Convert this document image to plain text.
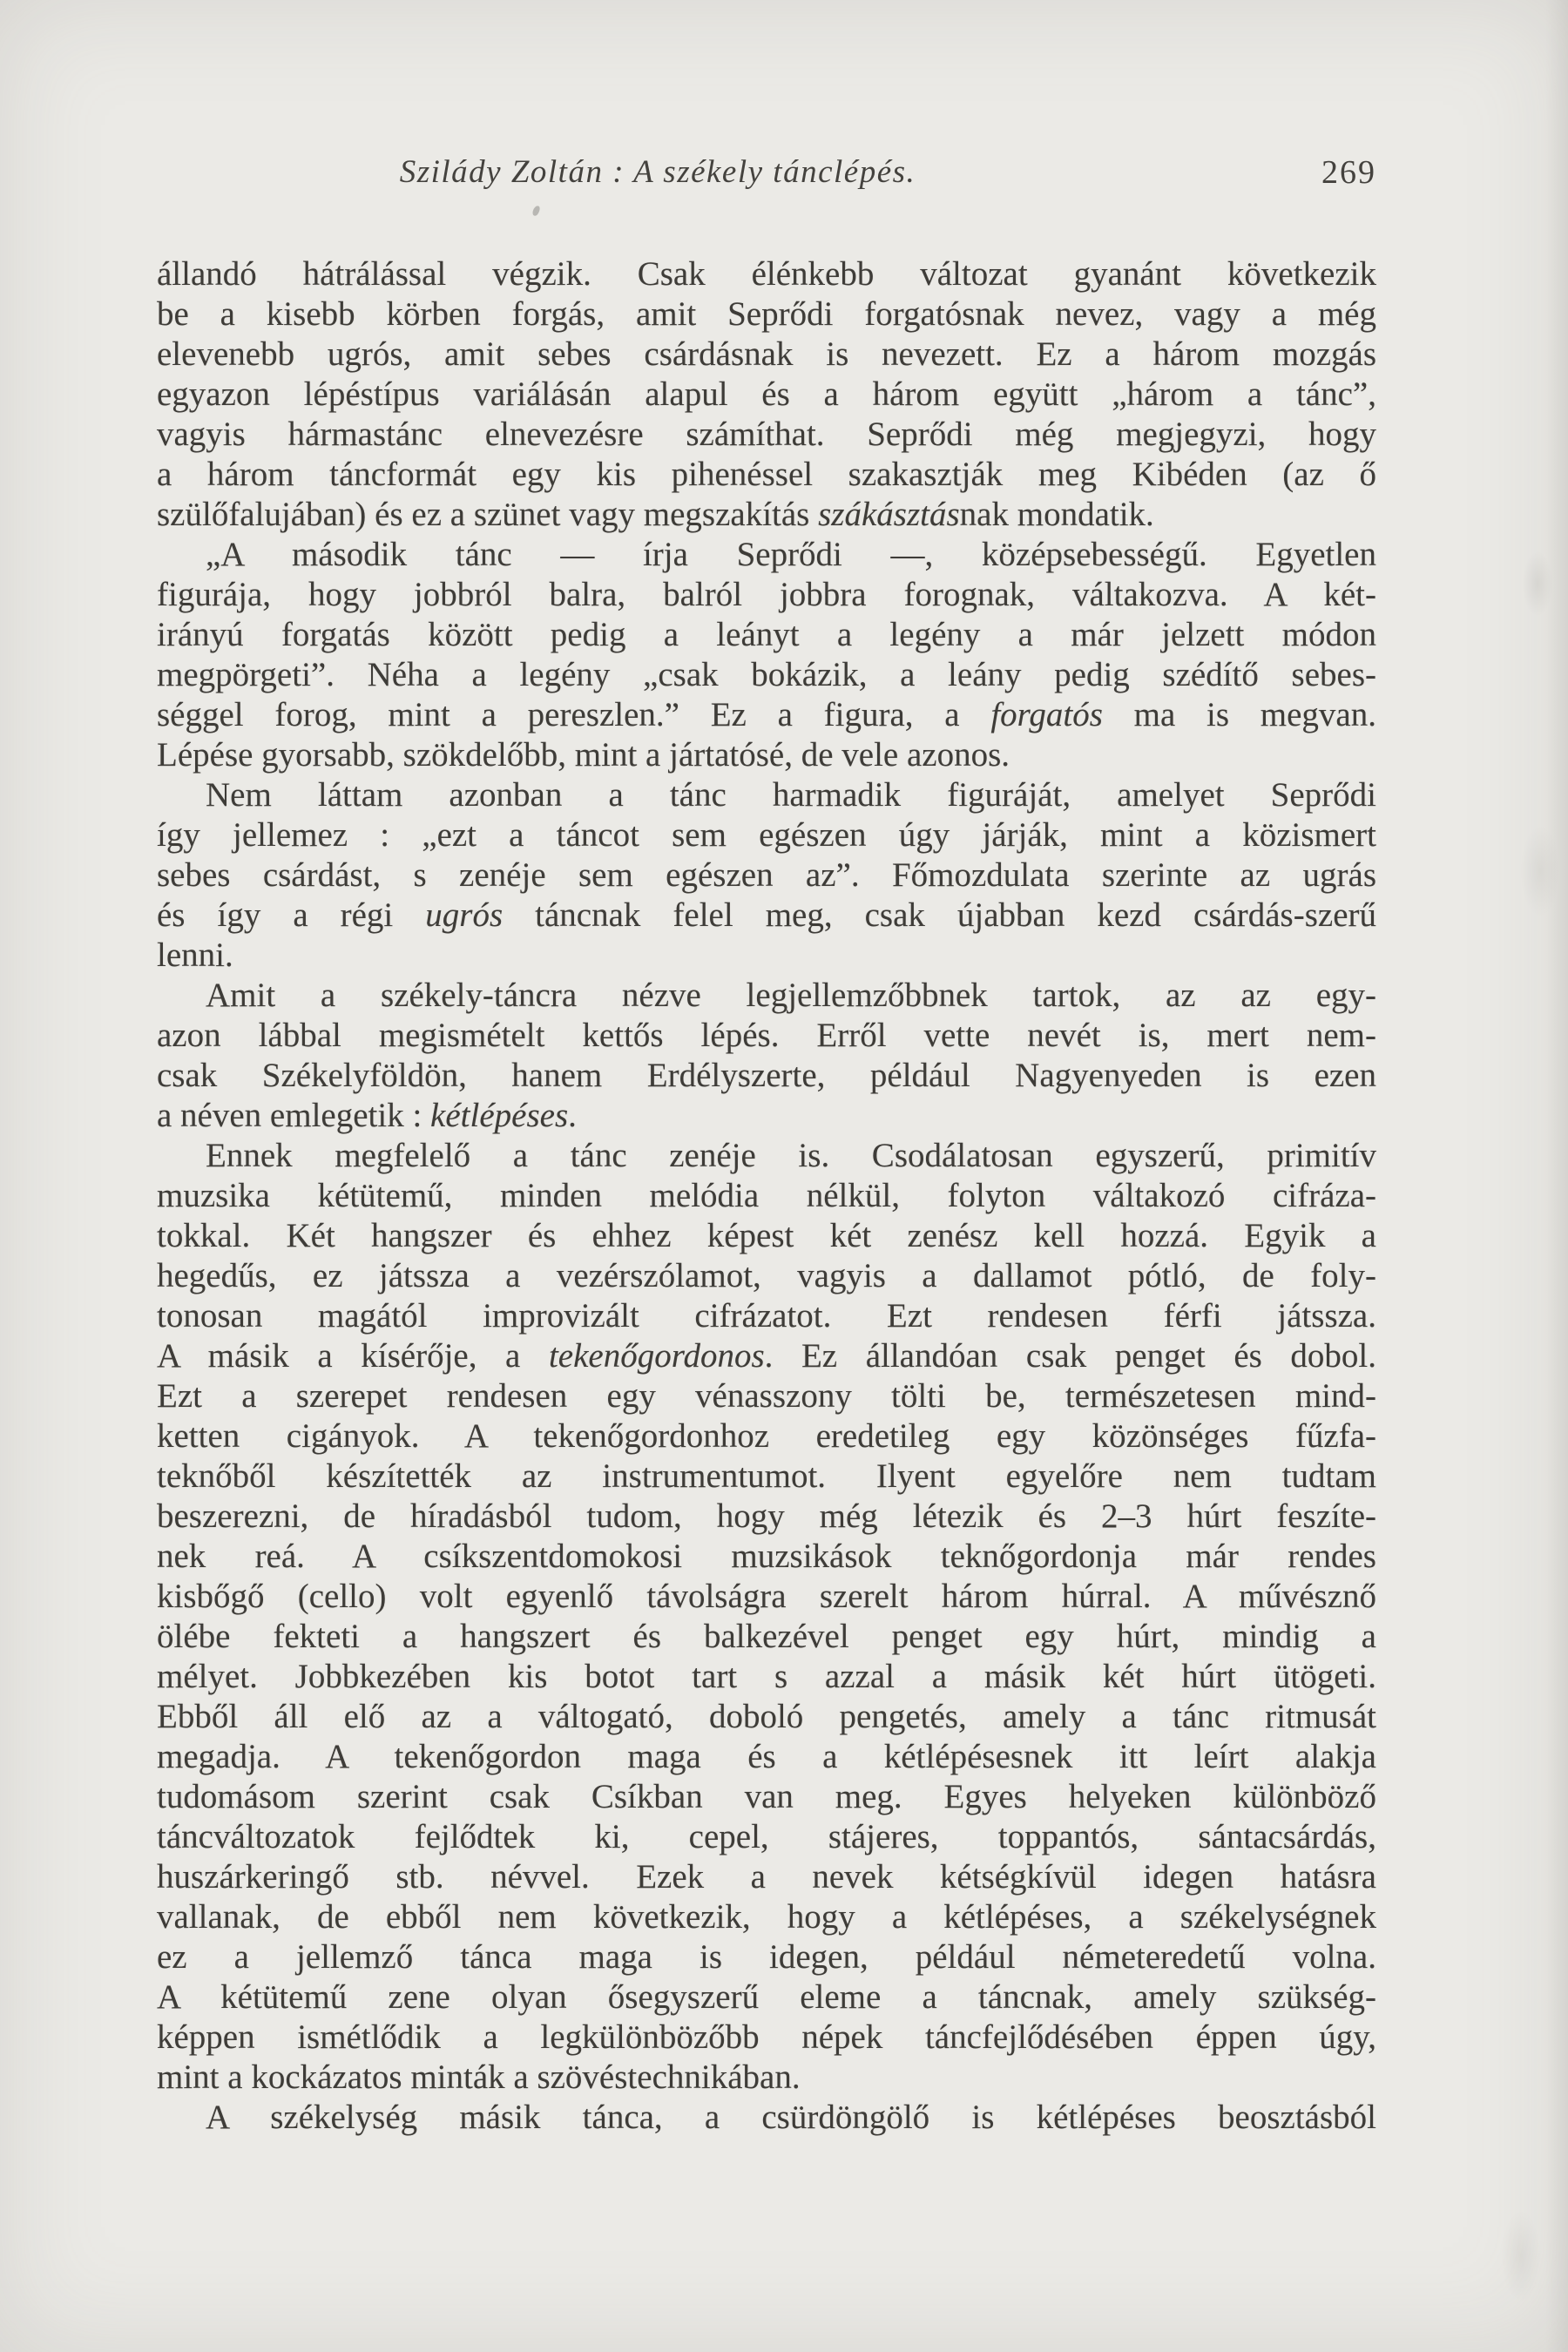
Szilády Zoltán : A székely tánclépés.	269
állandó hátrálással végzik. Csak élénkebb változat gyanánt következik
be a kisebb körben forgás, amit Seprődi forgatósnak nevez, vagy a még
elevenebb ugrós, amit sebes csárdásnak is nevezett. Ez a három mozgás
egyazon lépéstípus variálásán alapul és a három együtt „három a tánc”,
vagyis hármastánc elnevezésre számíthat. Seprődi még megjegyzi, hogy
a három táncformát egy kis pihenéssel szakasztják meg Kibéden (az ő
szülőfalujában) és ez a szünet vagy megszakítás szákásztásnak mondatik.
„A második tánc — írja Seprődi —, középsebességű. Egyetlen
figurája, hogy jobbról balra, balról jobbra forognak, váltakozva. A két-
irányú forgatás között pedig a leányt a legény a már jelzett módon
megpörgeti”. Néha a legény „csak bokázik, a leány pedig szédítő sebes-
séggel forog, mint a pereszlen.” Ez a figura, a forgatós ma is megvan.
Lépése gyorsabb, szökdelőbb, mint a jártatósé, de vele azonos.
Nem láttam azonban a tánc harmadik figuráját, amelyet Seprődi
így jellemez : „ezt a táncot sem egészen úgy járják, mint a közismert
sebes csárdást, s zenéje sem egészen az”. Főmozdulata szerinte az ugrás
és így a régi ugrós táncnak felel meg, csak újabban kezd csárdás-szerű
lenni.
Amit a székely-táncra nézve legjellemzőbbnek tartok, az az egy-
azon lábbal megismételt kettős lépés. Erről vette nevét is, mert nem-
csak Székelyföldön, hanem Erdélyszerte, például Nagyenyeden is ezen
a néven emlegetik : kétlépéses.
Ennek megfelelő a tánc zenéje is. Csodálatosan egyszerű, primitív
muzsika kétütemű, minden melódia nélkül, folyton váltakozó cifráza-
tokkal. Két hangszer és ehhez képest két zenész kell hozzá. Egyik a
hegedűs, ez játssza a vezérszólamot, vagyis a dallamot pótló, de foly-
tonosan magától improvizált cifrázatot. Ezt rendesen férfi játssza.
A másik a kísérője, a tekenőgordonos. Ez állandóan csak penget és dobol.
Ezt a szerepet rendesen egy vénasszony tölti be, természetesen mind-
ketten cigányok. A tekenőgordonhoz eredetileg egy közönséges fűzfa-
teknőből készítették az instrumentumot. Ilyent egyelőre nem tudtam
beszerezni, de híradásból tudom, hogy még létezik és 2–3 húrt feszíte-
nek reá. A csíkszentdomokosi muzsikások teknőgordonja már rendes
kisbőgő (cello) volt egyenlő távolságra szerelt három húrral. A művésznő
ölébe fekteti a hangszert és balkezével penget egy húrt, mindig a
mélyet. Jobbkezében kis botot tart s azzal a másik két húrt ütögeti.
Ebből áll elő az a váltogató, doboló pengetés, amely a tánc ritmusát
megadja. A tekenőgordon maga és a kétlépésesnek itt leírt alakja
tudomásom szerint csak Csíkban van meg. Egyes helyeken különböző
táncváltozatok fejlődtek ki, cepel, stájeres, toppantós, sántacsárdás,
huszárkeringő stb. névvel. Ezek a nevek kétségkívül idegen hatásra
vallanak, de ebből nem következik, hogy a kétlépéses, a székelységnek
ez a jellemző tánca maga is idegen, például németeredetű volna.
A kétütemű zene olyan ősegyszerű eleme a táncnak, amely szükség-
képpen ismétlődik a legkülönbözőbb népek táncfejlődésében éppen úgy,
mint a kockázatos minták a szövéstechnikában.
A székelység másik tánca, a csürdöngölő is kétlépéses beosztásból
